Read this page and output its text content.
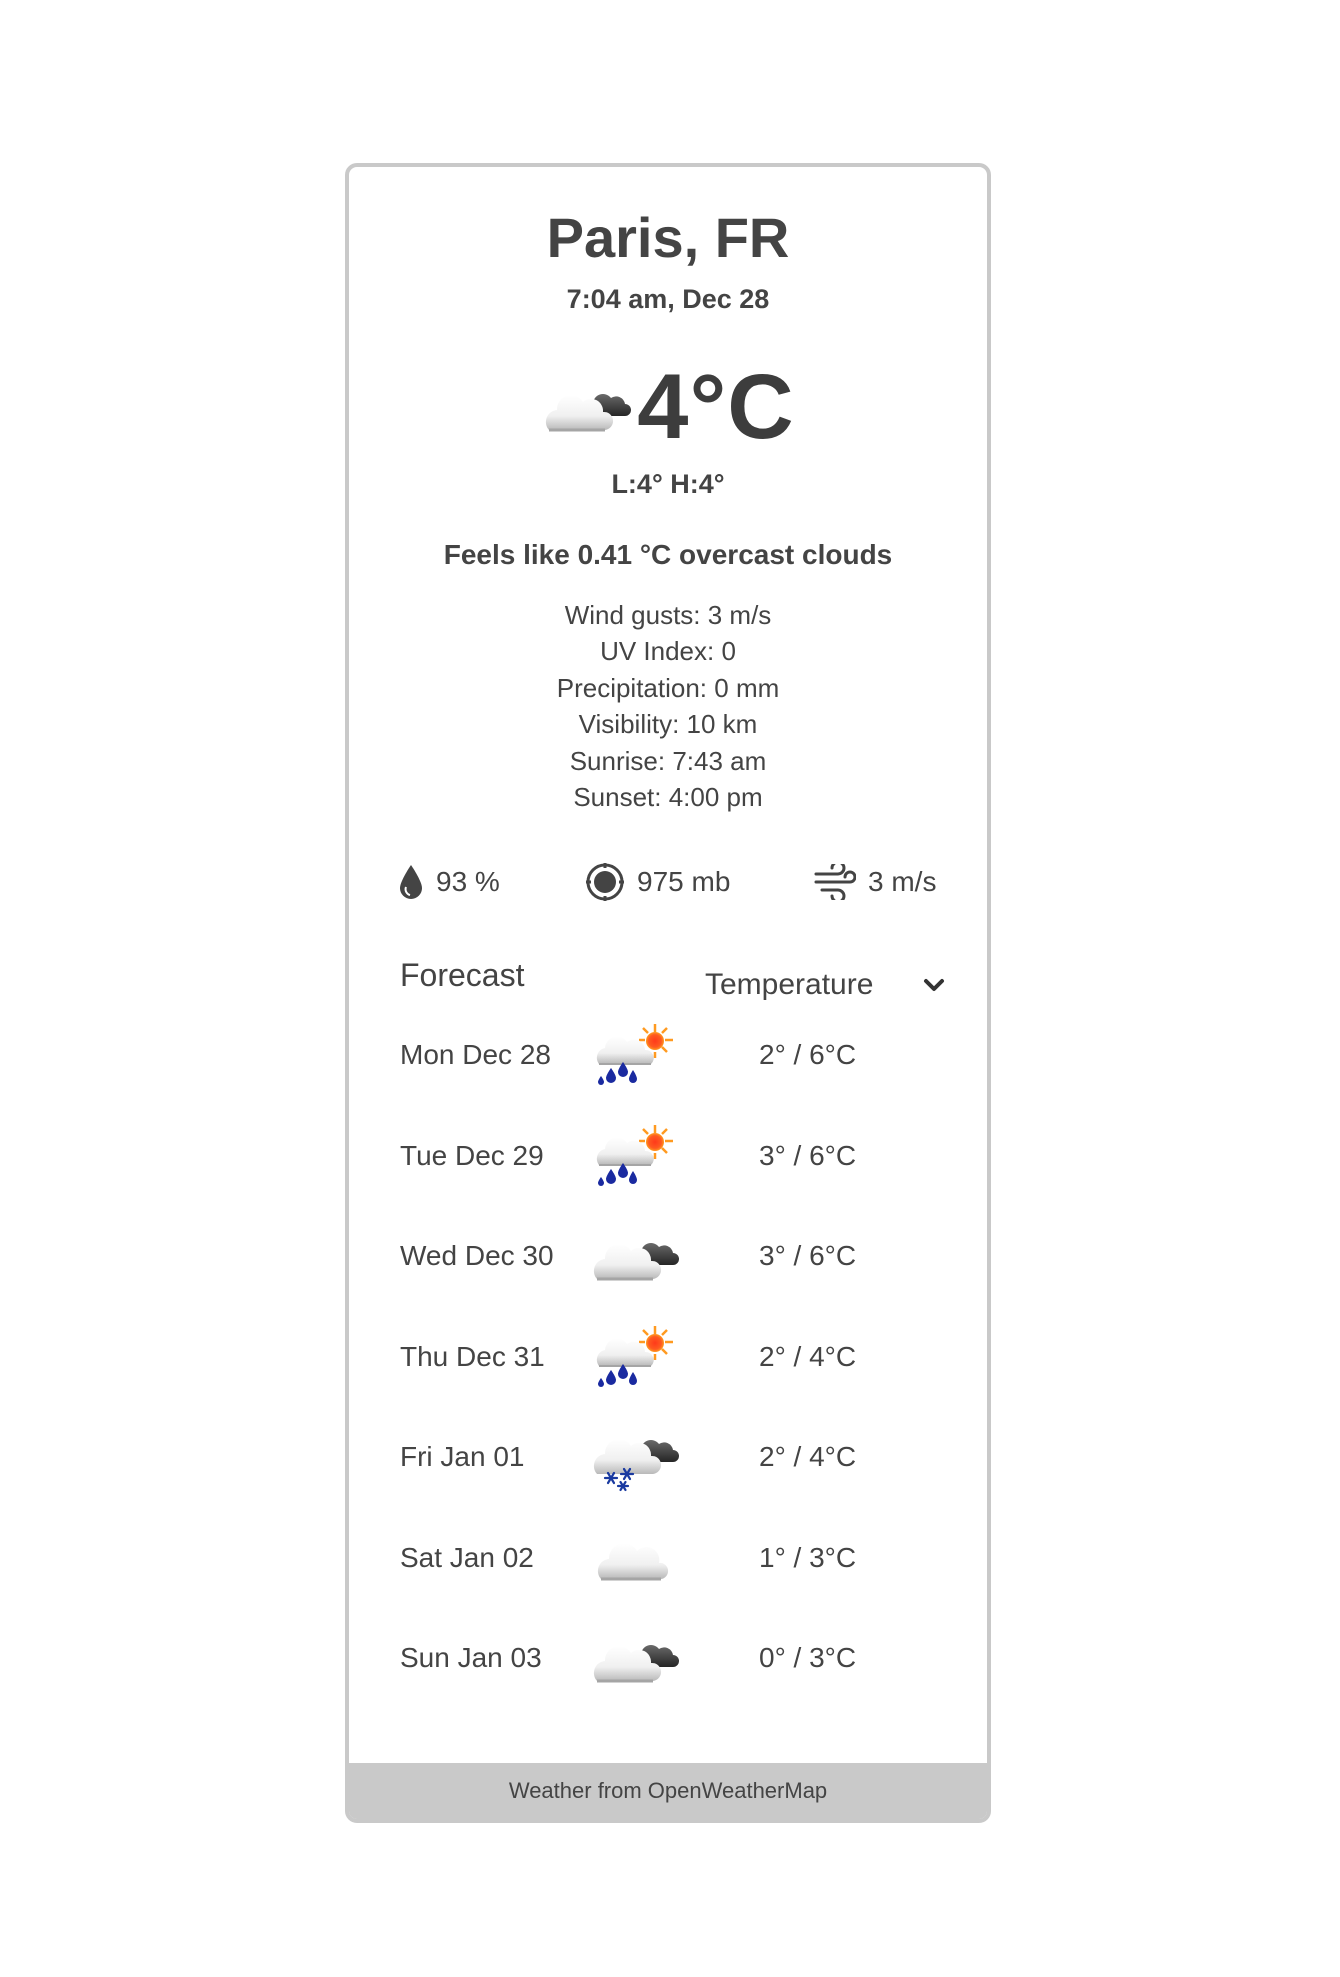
Paris, FR
7:04 am, Dec 28
4°C
L:4° H:4°
Feels like 0.41 °C overcast clouds
Wind gusts: 3 m/s
UV Index: 0
Precipitation: 0 mm
Visibility: 10 km
Sunrise: 7:43 am
Sunset: 4:00 pm
93 %	975 mb	3 m/s
Forecast	Temperature
Mon Dec 28	2° / 6°C
Tue Dec 29	3° / 6°C
Wed Dec 30	3° / 6°C
Thu Dec 31	2° / 4°C
Fri Jan 01	2° / 4°C
Sat Jan 02	1° / 3°C
Sun Jan 03	0° / 3°C
Weather from OpenWeatherMap
